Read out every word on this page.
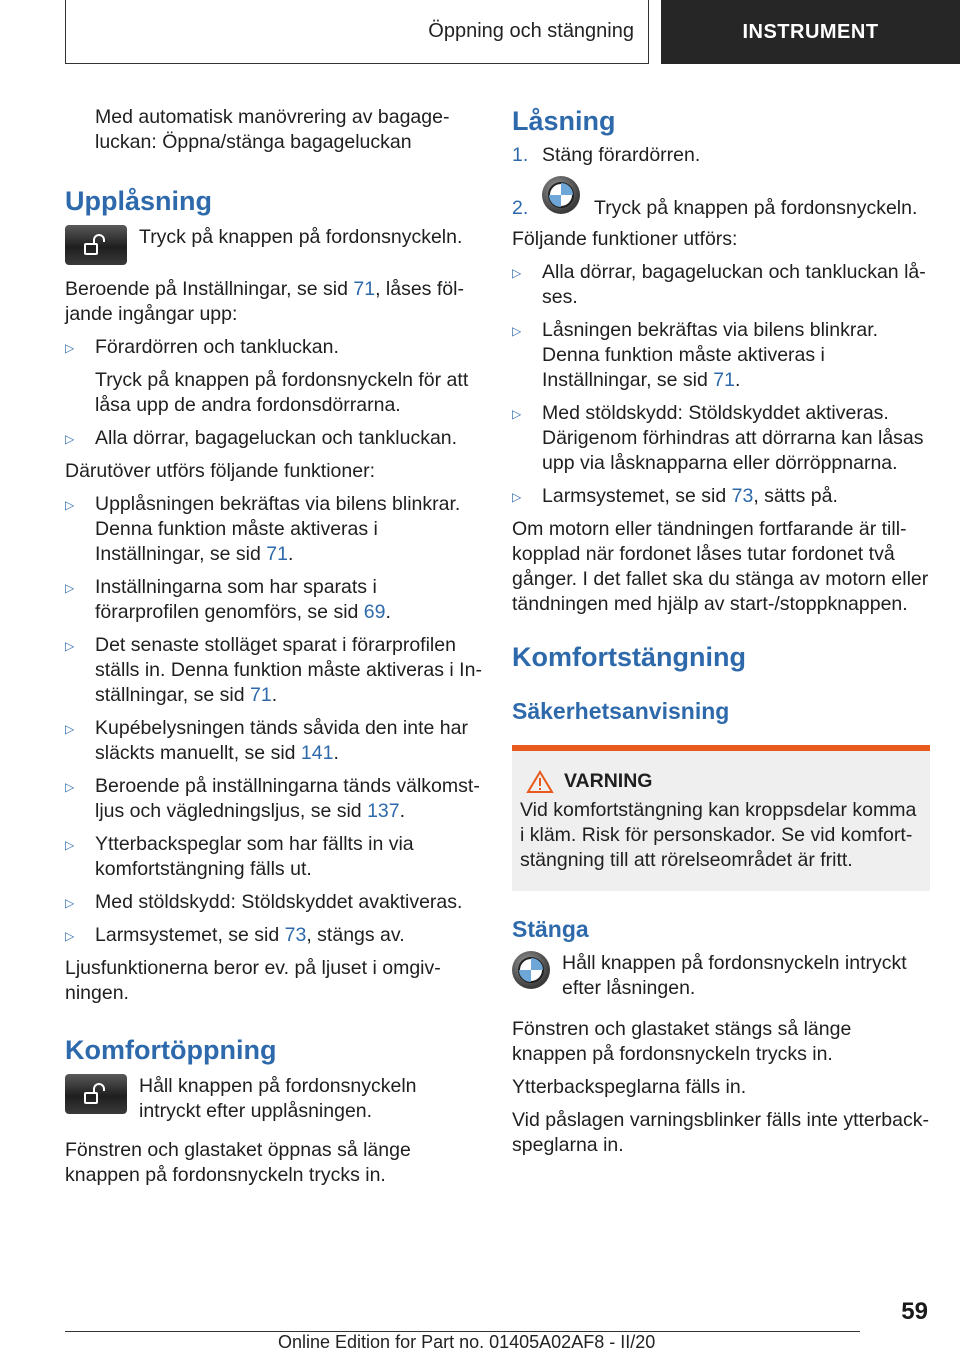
Öppning och stängning	INSTRUMENT

Med automatisk manövrering av bagageluckan: Öppna/stänga bagageluckan

Upplåsning

Tryck på knappen på fordonsnyckeln.

Beroende på Inställningar, se sid 71, låses följande ingångar upp:

▷ Förardörren och tankluckan.

Tryck på knappen på fordonsnyckeln för att låsa upp de andra fordonsdörrarna.

▷ Alla dörrar, bagageluckan och tankluckan.

Därutöver utförs följande funktioner:

▷ Upplåsningen bekräftas via bilens blinkrar. Denna funktion måste aktiveras i Inställningar, se sid 71.

▷ Inställningarna som har sparats i förarprofilen genomförs, se sid 69.

▷ Det senaste stolläget sparat i förarprofilen ställs in. Denna funktion måste aktiveras i Inställningar, se sid 71.

▷ Kupébelysningen tänds såvida den inte har släckts manuellt, se sid 141.

▷ Beroende på inställningarna tänds välkomstljus och vägledningsljus, se sid 137.

▷ Ytterbackspeglar som har fällts in via komfortstängning fälls ut.

▷ Med stöldskydd: Stöldskyddet avaktiveras.

▷ Larmsystemet, se sid 73, stängs av.

Ljusfunktionerna beror ev. på ljuset i omgivningen.

Komfortöppning

Håll knappen på fordonsnyckeln intryckt efter upplåsningen.

Fönstren och glastaket öppnas så länge knappen på fordonsnyckeln trycks in.

Låsning
1. Stäng förardörren.

2.	Tryck på knappen på fordonsnyckeln.

Följande funktioner utförs:

▷ Alla dörrar, bagageluckan och tankluckan låses.

▷ Låsningen bekräftas via bilens blinkrar. Denna funktion måste aktiveras i Inställningar, se sid 71.

▷ Med stöldskydd: Stöldskyddet aktiveras. Därigenom förhindras att dörrarna kan låsas upp via låsknapparna eller dörröppnarna.

▷ Larmsystemet, se sid 73, sätts på.

Om motorn eller tändningen fortfarande är tillkopplad när fordonet låses tutar fordonet två gånger. I det fallet ska du stänga av motorn eller tändningen med hjälp av start-/stoppknappen.

Komfortstängning
Säkerhetsanvisning
VARNING

Vid komfortstängning kan kroppsdelar komma i kläm. Risk för personskador. Se vid komfortstängning till att rörelseområdet är fritt.

Stänga

Håll knappen på fordonsnyckeln intryckt efter låsningen.

Fönstren och glastaket stängs så länge knappen på fordonsnyckeln trycks in.

Ytterbackspeglarna fälls in.

Vid påslagen varningsblinker fälls inte ytterbackspeglarna in.

59
Online Edition for Part no. 01405A02AF8 - II/20
